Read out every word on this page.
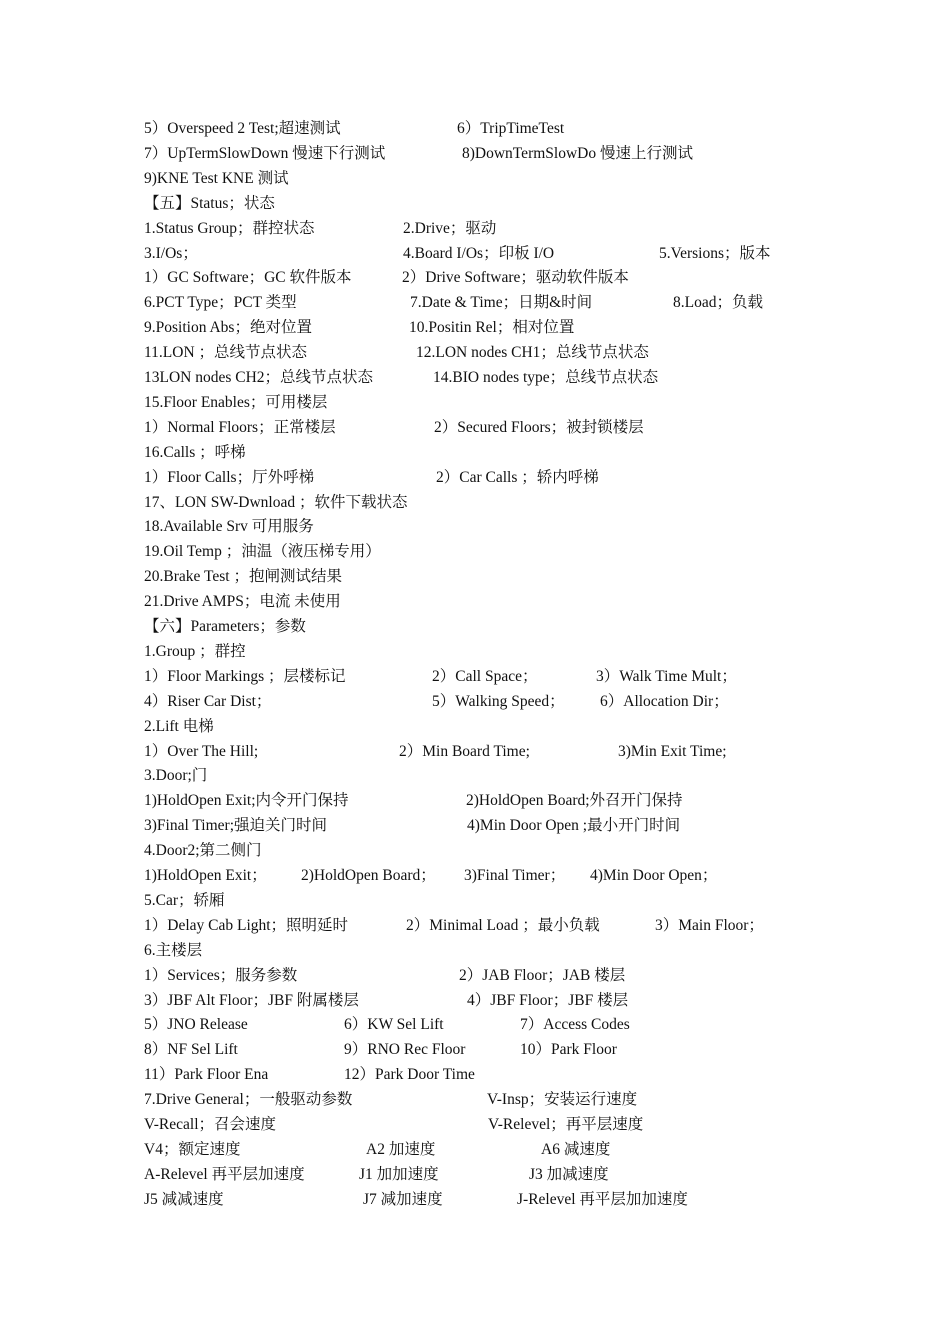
5）Overspeed 2 Test;超速测试	6）TripTimeTest
7）UpTermSlowDown 慢速下行测试	8)DownTermSlowDo 慢速上行测试
9)KNE Test KNE 测试
【五】Status；状态
1.Status Group；群控状态	2.Drive；驱动
3.I/Os；	4.Board I/Os；印板 I/O	5.Versions；版本
1）GC Software；GC 软件版本	2）Drive Software；驱动软件版本
6.PCT Type；PCT 类型	7.Date & Time；日期&时间	8.Load；负载
9.Position Abs；绝对位置	10.Positin Rel；相对位置
11.LON ；总线节点状态	12.LON nodes CH1；总线节点状态
13LON nodes CH2；总线节点状态	14.BIO nodes type；总线节点状态
15.Floor Enables；可用楼层
1）Normal Floors；正常楼层	2）Secured Floors；被封锁楼层
16.Calls ；呼梯
1）Floor Calls；厅外呼梯	2）Car Calls ；轿内呼梯
17、LON SW-Dwnload ；软件下载状态
18.Available Srv 可用服务
19.Oil Temp ；油温（液压梯专用）
20.Brake Test ；抱闸测试结果
21.Drive AMPS；电流 未使用
【六】Parameters；参数
1.Group ；群控
1）Floor Markings ；层楼标记	2）Call Space；	3）Walk Time Mult；
4）Riser Car Dist；	5）Walking Speed； 6）Allocation Dir；
2.Lift 电梯
1）Over The Hill;	2）Min Board Time;	3)Min Exit Time;
3.Door;门
1)HoldOpen Exit;内令开门保持	2)HoldOpen Board;外召开门保持
3)Final Timer;强迫关门时间	4)Min Door Open ;最小开门时间
4.Door2;第二侧门
1)HoldOpen Exit； 2)HoldOpen Board； 3)Final Timer； 4)Min Door Open；
5.Car；轿厢
1）Delay Cab Light；照明延时	2）Minimal Load ；最小负载	3）Main Floor；
6.主楼层
1）Services；服务参数	2）JAB Floor；JAB 楼层
3）JBF Alt Floor；JBF 附属楼层	4）JBF Floor；JBF 楼层
5）JNO Release	6）KW Sel Lift	7）Access Codes
8）NF Sel Lift	9）RNO Rec Floor	10）Park Floor
11）Park Floor Ena	12）Park Door Time
7.Drive General；一般驱动参数	V-Insp；安装运行速度
V-Recall；召会速度	V-Relevel；再平层速度
V4；额定速度	A2 加速度	A6 减速度
A-Relevel 再平层加速度	J1 加加速度	J3 加减速度
J5 减减速度	J7 减加速度	J-Relevel 再平层加加速度
